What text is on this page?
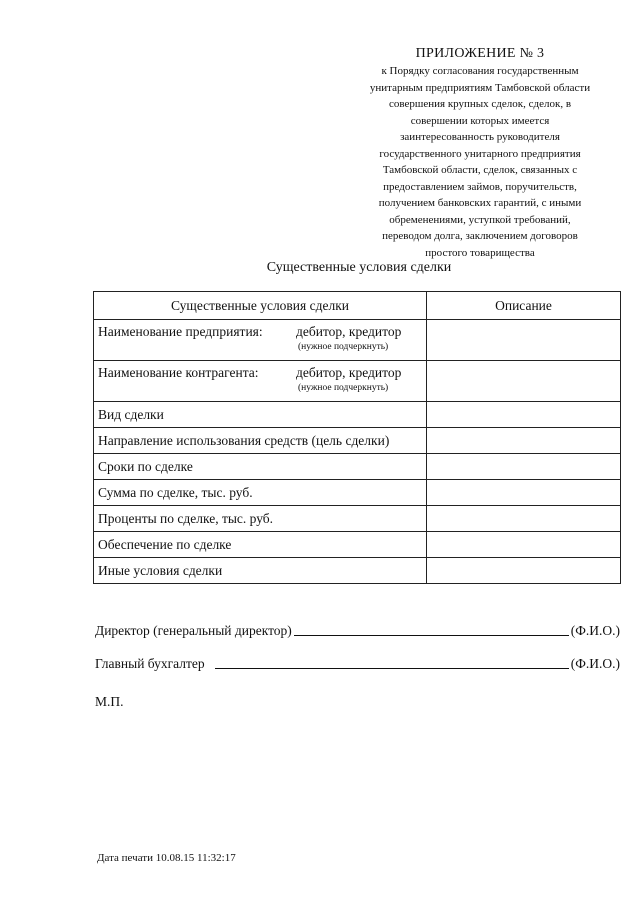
ПРИЛОЖЕНИЕ № 3
к Порядку согласования государственным
унитарным предприятиям Тамбовской области
совершения крупных сделок, сделок, в
совершении которых имеется
заинтересованность руководителя
государственного унитарного предприятия
Тамбовской области, сделок, связанных с
предоставлением займов, поручительств,
получением банковских гарантий, с иными
обременениями, уступкой требований,
переводом долга, заключением договоров
простого товарищества
Существенные условия сделки
Существенные условия сделки	Описание

Наименование предприятия: дебитор, кредитор
(нужное подчеркнуть)	

Наименование контрагента: дебитор, кредитор
(нужное подчеркнуть)	

Вид сделки	
Направление использования средств (цель сделки)	
Сроки по сделке	
Сумма по сделке, тыс. руб.	
Проценты по сделке, тыс. руб.	
Обеспечение по сделке	
Иные условия сделки	
Директор (генеральный директор)	(Ф.И.О.)
Главный бухгалтер	(Ф.И.О.)
М.П.
Дата печати 10.08.15 11:32:17
